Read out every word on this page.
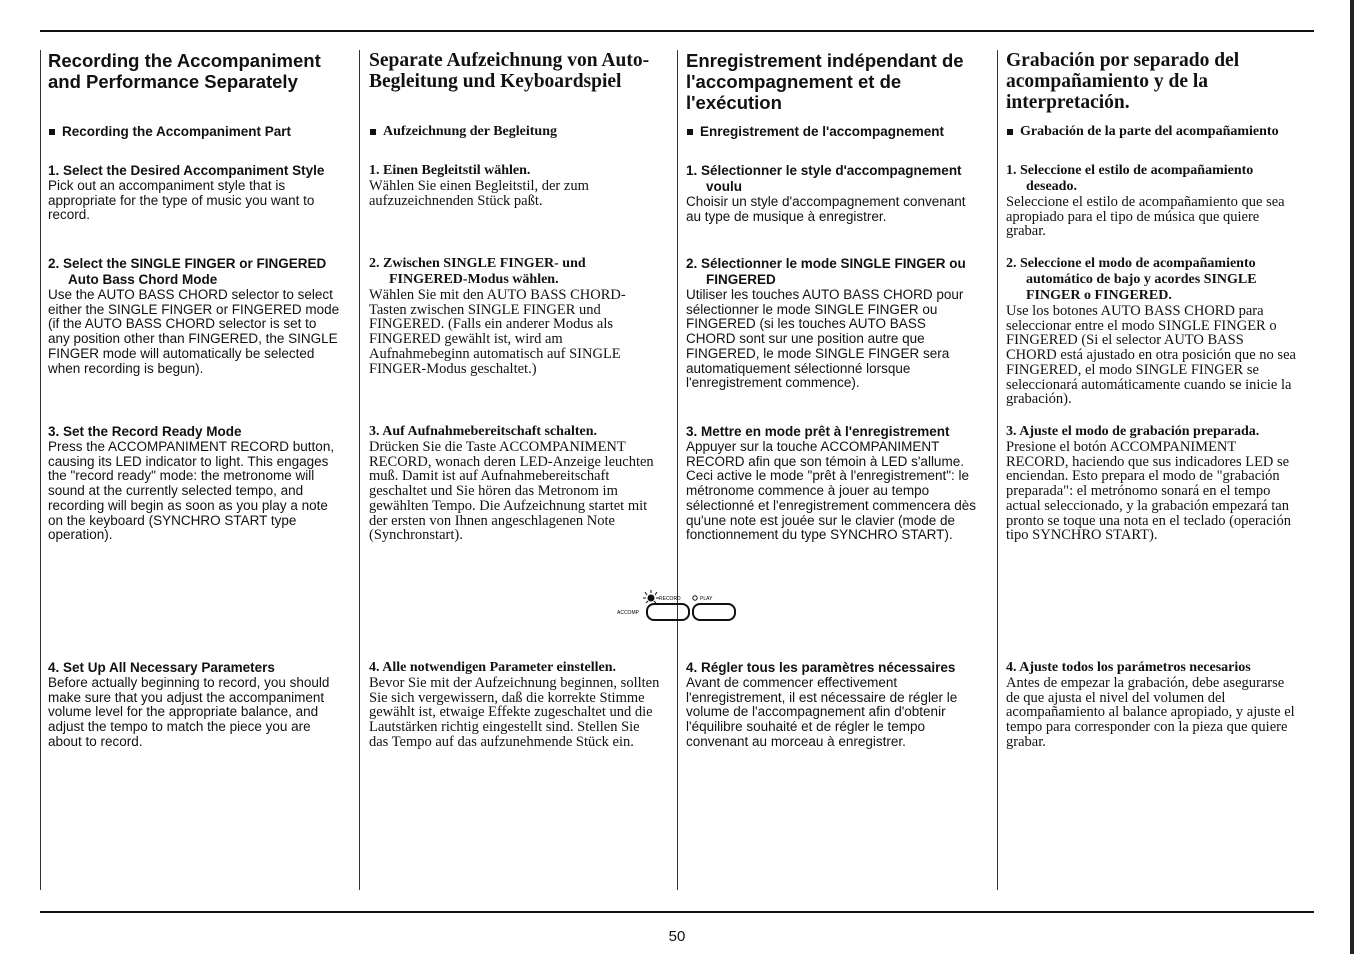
Recording the Accompaniment and Performance Separately

Recording the Accompaniment Part

1. Select the Desired Accompaniment Style

Pick out an accompaniment style that is appropriate for the type of music you want to record.

2. Select the SINGLE FINGER or FINGERED Auto Bass Chord Mode

Use the AUTO BASS CHORD selector to select either the SINGLE FINGER or FINGERED mode (if the AUTO BASS CHORD selector is set to any position other than FINGERED, the SINGLE FINGER mode will automatically be selected when recording is begun).

3. Set the Record Ready Mode

Press the ACCOMPANIMENT RECORD button, causing its LED indicator to light. This engages the "record ready" mode: the metronome will sound at the currently selected tempo, and recording will begin as soon as you play a note on the keyboard (SYNCHRO START type operation).

4. Set Up All Necessary Parameters

Before actually beginning to record, you should make sure that you adjust the accompaniment volume level for the appropriate balance, and adjust the tempo to match the piece you are about to record.

Separate Aufzeichnung von Auto-Begleitung und Keyboardspiel

Aufzeichnung der Begleitung

1. Einen Begleitstil wählen.

Wählen Sie einen Begleitstil, der zum aufzuzeichnenden Stück paßt.

2. Zwischen SINGLE FINGER- und FINGERED-Modus wählen.

Wählen Sie mit den AUTO BASS CHORD-Tasten zwischen SINGLE FINGER und FINGERED. (Falls ein anderer Modus als FINGERED gewählt ist, wird am Aufnahmebeginn automatisch auf SINGLE FINGER-Modus geschaltet.)

3. Auf Aufnahmebereitschaft schalten.

Drücken Sie die Taste ACCOMPANIMENT RECORD, wonach deren LED-Anzeige leuchten muß. Damit ist auf Aufnahmebereitschaft geschaltet und Sie hören das Metronom im gewählten Tempo. Die Aufzeichnung startet mit der ersten von Ihnen angeschlagenen Note (Synchronstart).

4. Alle notwendigen Parameter einstellen.

Bevor Sie mit der Aufzeichnung beginnen, sollten Sie sich vergewissern, daß die korrekte Stimme gewählt ist, etwaige Effekte zugeschaltet und die Lautstärken richtig eingestellt sind. Stellen Sie das Tempo auf das aufzunehmende Stück ein.

Enregistrement indépendant de l'accompagnement et de l'exécution

Enregistrement de l'accompagnement

1. Sélectionner le style d'accompagnement voulu

Choisir un style d'accompagnement convenant au type de musique à enregistrer.

2. Sélectionner le mode SINGLE FINGER ou FINGERED

Utiliser les touches AUTO BASS CHORD pour sélectionner le mode SINGLE FINGER ou FINGERED (si les touches AUTO BASS CHORD sont sur une position autre que FINGERED, le mode SINGLE FINGER sera automatiquement sélectionné lorsque l'enregistrement commence).

3. Mettre en mode prêt à l'enregistrement

Appuyer sur la touche ACCOMPANIMENT RECORD afin que son témoin à LED s'allume. Ceci active le mode "prêt à l'enregistrement": le métronome commence à jouer au tempo sélectionné et l'enregistrement commencera dès qu'une note est jouée sur le clavier (mode de fonctionnement du type SYNCHRO START).

4. Régler tous les paramètres nécessaires

Avant de commencer effectivement l'enregistrement, il est nécessaire de régler le volume de l'accompagnement afin d'obtenir l'équilibre souhaité et de régler le tempo convenant au morceau à enregistrer.

Grabación por separado del acompañamiento y de la interpretación.

Grabación de la parte del acompañamiento

1. Seleccione el estilo de acompañamiento deseado.

Seleccione el estilo de acompañamiento que sea apropiado para el tipo de música que quiere grabar.

2. Seleccione el modo de acompañamiento automático de bajo y acordes SINGLE FINGER o FINGERED.

Use los botones AUTO BASS CHORD para seleccionar entre el modo SINGLE FINGER o FINGERED (Si el selector AUTO BASS CHORD está ajustado en otra posición que no sea FINGERED, el modo SINGLE FINGER se seleccionará automáticamente cuando se inicie la grabación).

3. Ajuste el modo de grabación preparada.

Presione el botón ACCOMPANIMENT RECORD, haciendo que sus indicadores LED se enciendan. Esto prepara el modo de "grabación preparada": el metrónomo sonará en el tempo actual seleccionado, y la grabación empezará tan pronto se toque una nota en el teclado (operación tipo SYNCHRO START).

4. Ajuste todos los parámetros necesarios

Antes de empezar la grabación, debe asegurarse de que ajusta el nivel del volumen del acompañamiento al balance apropiado, y ajuste el tempo para corresponder con la pieza que quiere grabar.

RECORD	PLAY
ACCOMP
50
